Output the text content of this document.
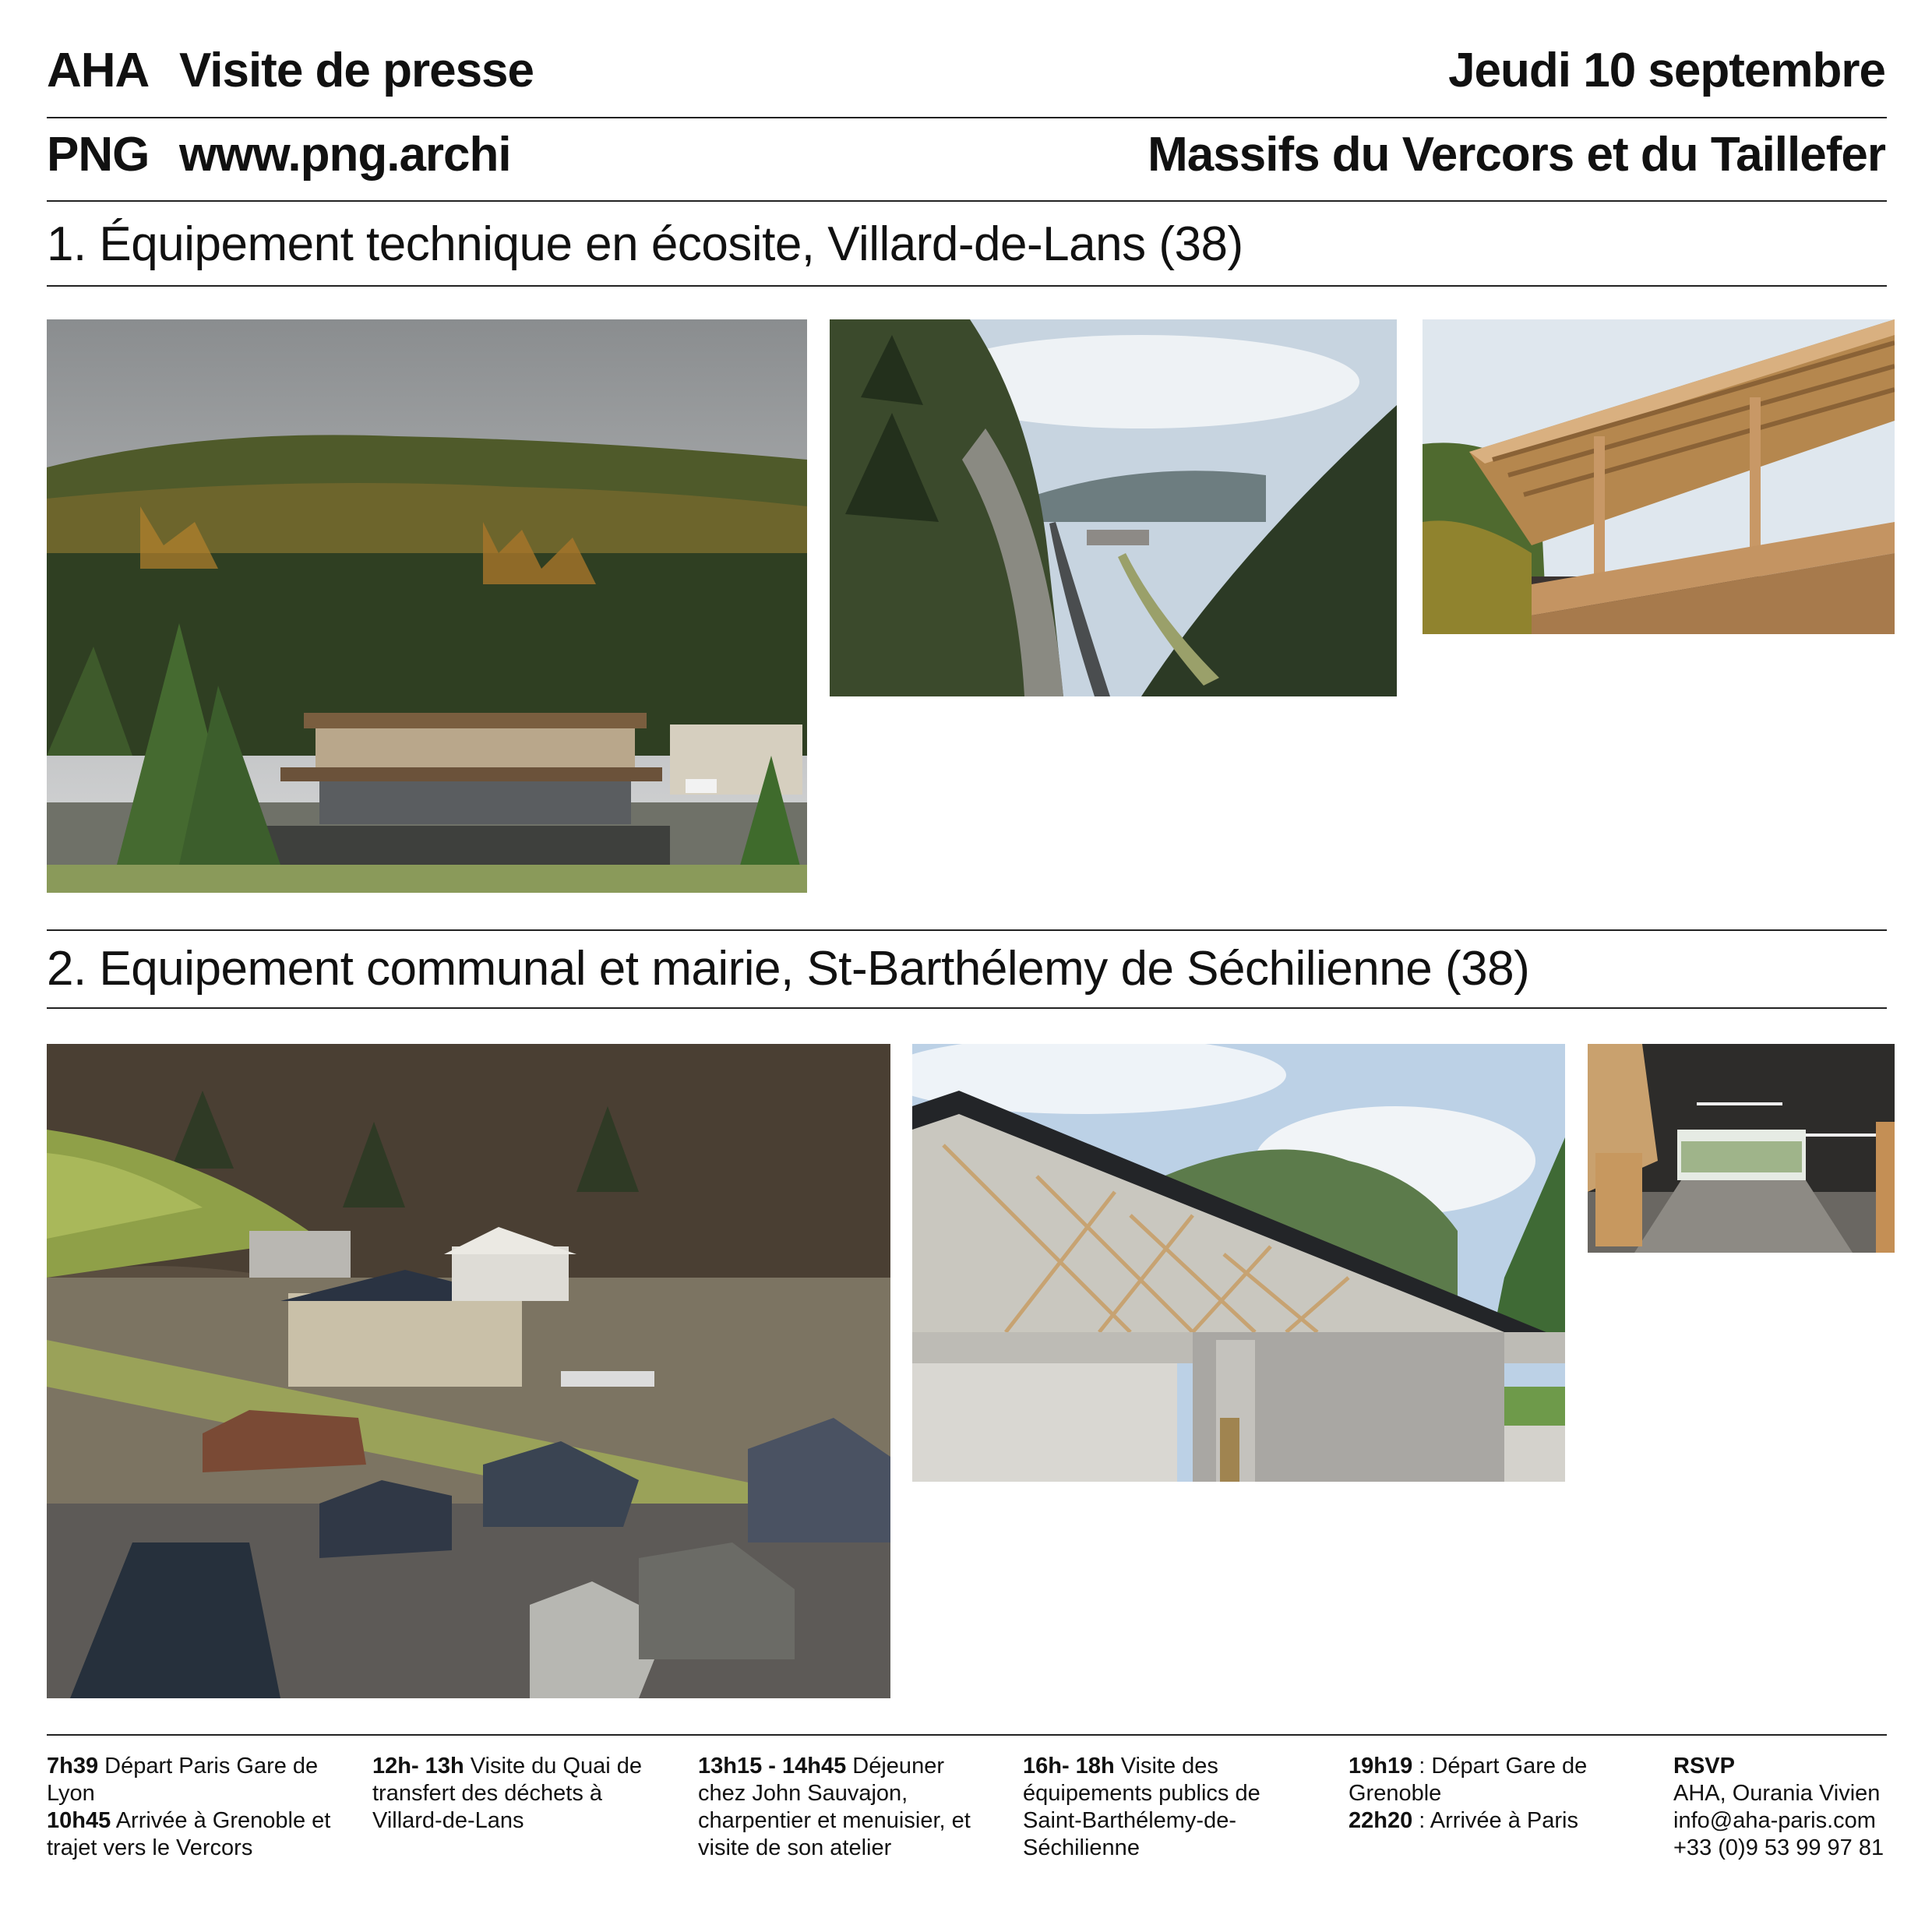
AHA Visite de presse	Jeudi 10 septembre
PNG www.png.archi	Massifs du Vercors et du Taillefer
1. Équipement technique en écosite, Villard-de-Lans (38)
2. Equipement communal et mairie, St-Barthélemy de Séchilienne (38)

7h39 Départ Paris Gare de Lyon

10h45 Arrivée à Grenoble et trajet vers le Vercors

12h- 13h Visite du Quai de transfert des déchets à Villard-de-Lans

13h15 - 14h45 Déjeuner chez John Sauvajon, charpentier et menuisier, et visite de son atelier

16h- 18h Visite des équipements publics de Saint-Barthélemy-de-Séchilienne

19h19 : Départ Gare de Grenoble

22h20 : Arrivée à Paris

RSVP

AHA, Ourania Vivien

info@aha-paris.com

+33 (0)9 53 99 97 81
